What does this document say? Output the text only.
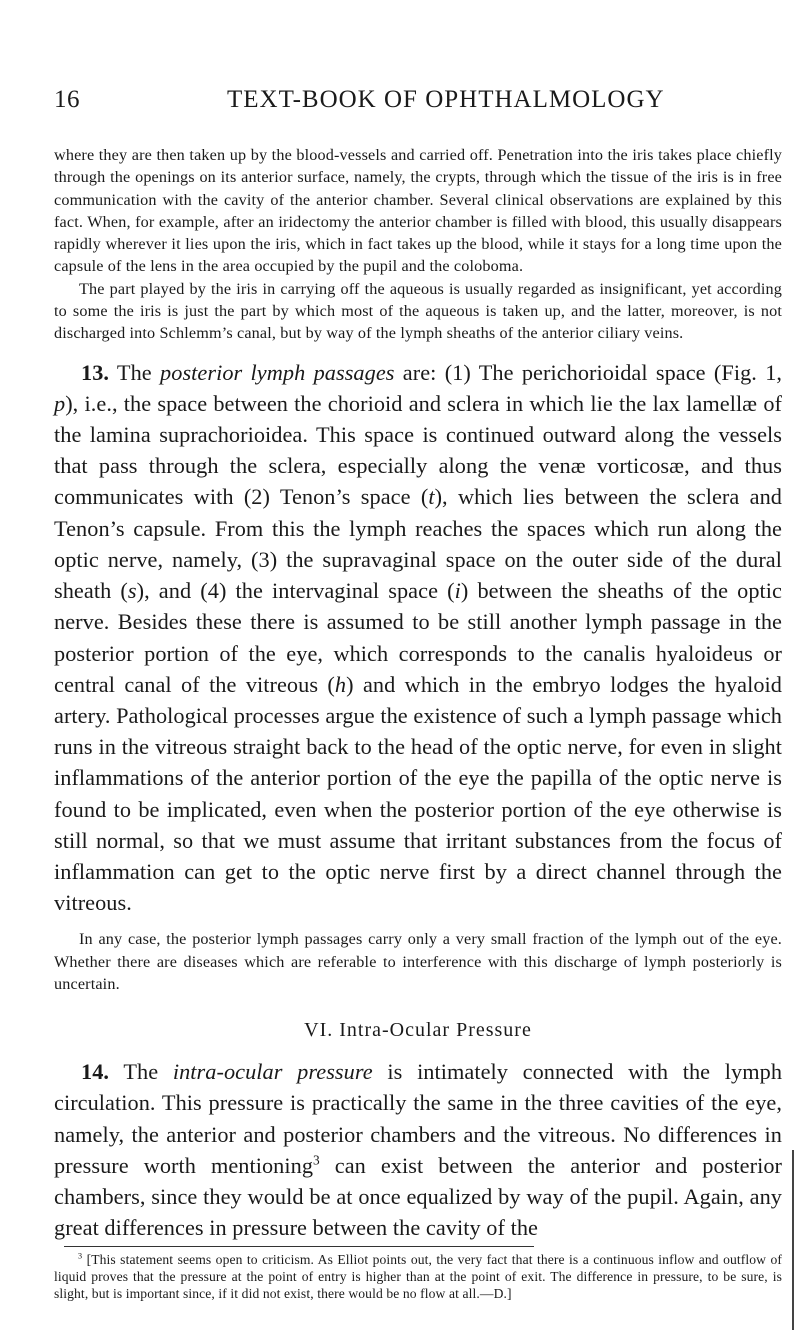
16	TEXT-BOOK OF OPHTHALMOLOGY

where they are then taken up by the blood-vessels and carried off. Penetration into the iris takes place chiefly through the openings on its anterior surface, namely, the crypts, through which the tissue of the iris is in free communication with the cavity of the anterior chamber. Several clinical observations are explained by this fact. When, for example, after an iridectomy the anterior chamber is filled with blood, this usually disappears rapidly wherever it lies upon the iris, which in fact takes up the blood, while it stays for a long time upon the capsule of the lens in the area occupied by the pupil and the coloboma.

The part played by the iris in carrying off the aqueous is usually regarded as insignificant, yet according to some the iris is just the part by which most of the aqueous is taken up, and the latter, moreover, is not discharged into Schlemm’s canal, but by way of the lymph sheaths of the anterior ciliary veins.

13. The posterior lymph passages are: (1) The perichorioidal space (Fig. 1, p), i.e., the space between the chorioid and sclera in which lie the lax lamellæ of the lamina suprachorioidea. This space is continued outward along the vessels that pass through the sclera, especially along the venæ vorticosæ, and thus communicates with (2) Tenon’s space (t), which lies between the sclera and Tenon’s capsule. From this the lymph reaches the spaces which run along the optic nerve, namely, (3) the supravaginal space on the outer side of the dural sheath (s), and (4) the intervaginal space (i) between the sheaths of the optic nerve. Besides these there is assumed to be still another lymph passage in the posterior portion of the eye, which corresponds to the canalis hyaloideus or central canal of the vitreous (h) and which in the embryo lodges the hyaloid artery. Pathological processes argue the existence of such a lymph passage which runs in the vitreous straight back to the head of the optic nerve, for even in slight inflammations of the anterior portion of the eye the papilla of the optic nerve is found to be implicated, even when the posterior portion of the eye otherwise is still normal, so that we must assume that irritant substances from the focus of inflammation can get to the optic nerve first by a direct channel through the vitreous.

In any case, the posterior lymph passages carry only a very small fraction of the lymph out of the eye. Whether there are diseases which are referable to interference with this discharge of lymph posteriorly is uncertain.

VI. Intra-Ocular Pressure

14. The intra-ocular pressure is intimately connected with the lymph circulation. This pressure is practically the same in the three cavities of the eye, namely, the anterior and posterior chambers and the vitreous. No differences in pressure worth mentioning$^3$ can exist between the anterior and posterior chambers, since they would be at once equalized by way of the pupil. Again, any great differences in pressure between the cavity of the

$^3$ [This statement seems open to criticism. As Elliot points out, the very fact that there is a continuous inflow and outflow of liquid proves that the pressure at the point of entry is higher than at the point of exit. The difference in pressure, to be sure, is slight, but is important since, if it did not exist, there would be no flow at all.—D.]
